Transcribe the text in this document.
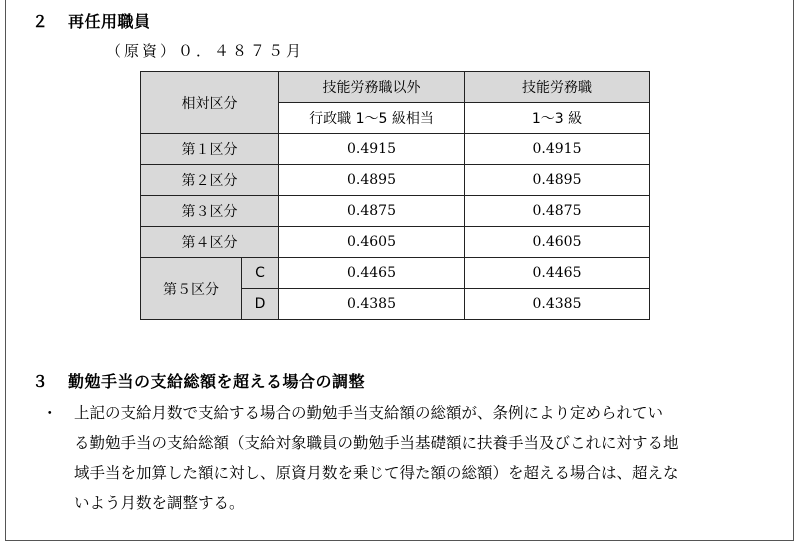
２ 再任用職員
（原資）０．４８７５月
相対区分		技能労務職以外	技能労務職
		行政職 1～5 級相当	1～3 級
第１区分		0.4915	0.4915
第２区分		0.4895	0.4895
第３区分		0.4875	0.4875
第４区分		0.4605	0.4605
第５区分	C	0.4465	0.4465
	D	0.4385	0.4385
３ 勤勉手当の支給総額を超える場合の調整
・ 上記の支給月数で支給する場合の勤勉手当支給額の総額が、条例により定められてい
る勤勉手当の支給総額（支給対象職員の勤勉手当基礎額に扶養手当及びこれに対する地
域手当を加算した額に対し、原資月数を乗じて得た額の総額）を超える場合は、超えな
いよう月数を調整する。
